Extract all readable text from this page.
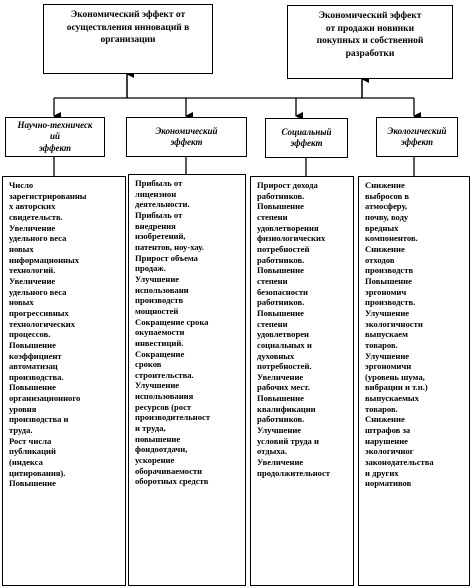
Экономический эффект от
осуществления инноваций в
организации
Экономический эффект
от продажи новинки
покупных и собственной
разработки
Научно-техническ
ий
эффект
Экономический
эффект
Социальный
эффект
Экологический
эффект
Число
зарегистрированны
х авторских
свидетельств.
Увеличение
удельного веса
новых
информационных
технологий.
Увеличение
удельного веса
новых
прогрессивных
технологических
процессов.
Повышение
коэффициент
автоматизац
производства.
Повышение
организационного
уровня
производства и
труда.
Рост числа
публикаций
(индекса
цитирования).
Повышение
Прибыль от
лицензион
деятельности.
Прибыль от
внедрения
изобретений,
патентов, ноу-хау.
Прирост объема
продаж.
Улучшение
использовани
производств
мощностей
Сокращение срока
окупаемости
инвестиций.
Сокращение
сроков
строительства.
Улучшение
использования
ресурсов (рост
производительност
и труда,
повышение
фондоотдачи,
ускорение
оборачиваемости
оборотных средств
Прирост дохода
работников.
Повышение
степени
удовлетворения
физиологических
потребностей
работников.
Повышение
степени
безопасности
работников.
Повышение
степени
удовлетворен
социальных и
духовных
потребностей.
Увеличение
рабочих мест.
Повышение
квалификации
работников.
Улучшение
условий труда и
отдыха.
Увеличение
продолжительност
Снижение
выбросов в
атмосферу,
почву, воду
вредных
компонентов.
Снижение
отходов
производств
Повышение
эргономич
производств.
Улучшение
экологичности
выпускаем
товаров.
Улучшение
эргономичн
(уровень шума,
вибрации и т.п.)
выпускаемых
товаров.
Снижение
штрафов за
нарушение
экологичног
законодательства
и других
нормативов
